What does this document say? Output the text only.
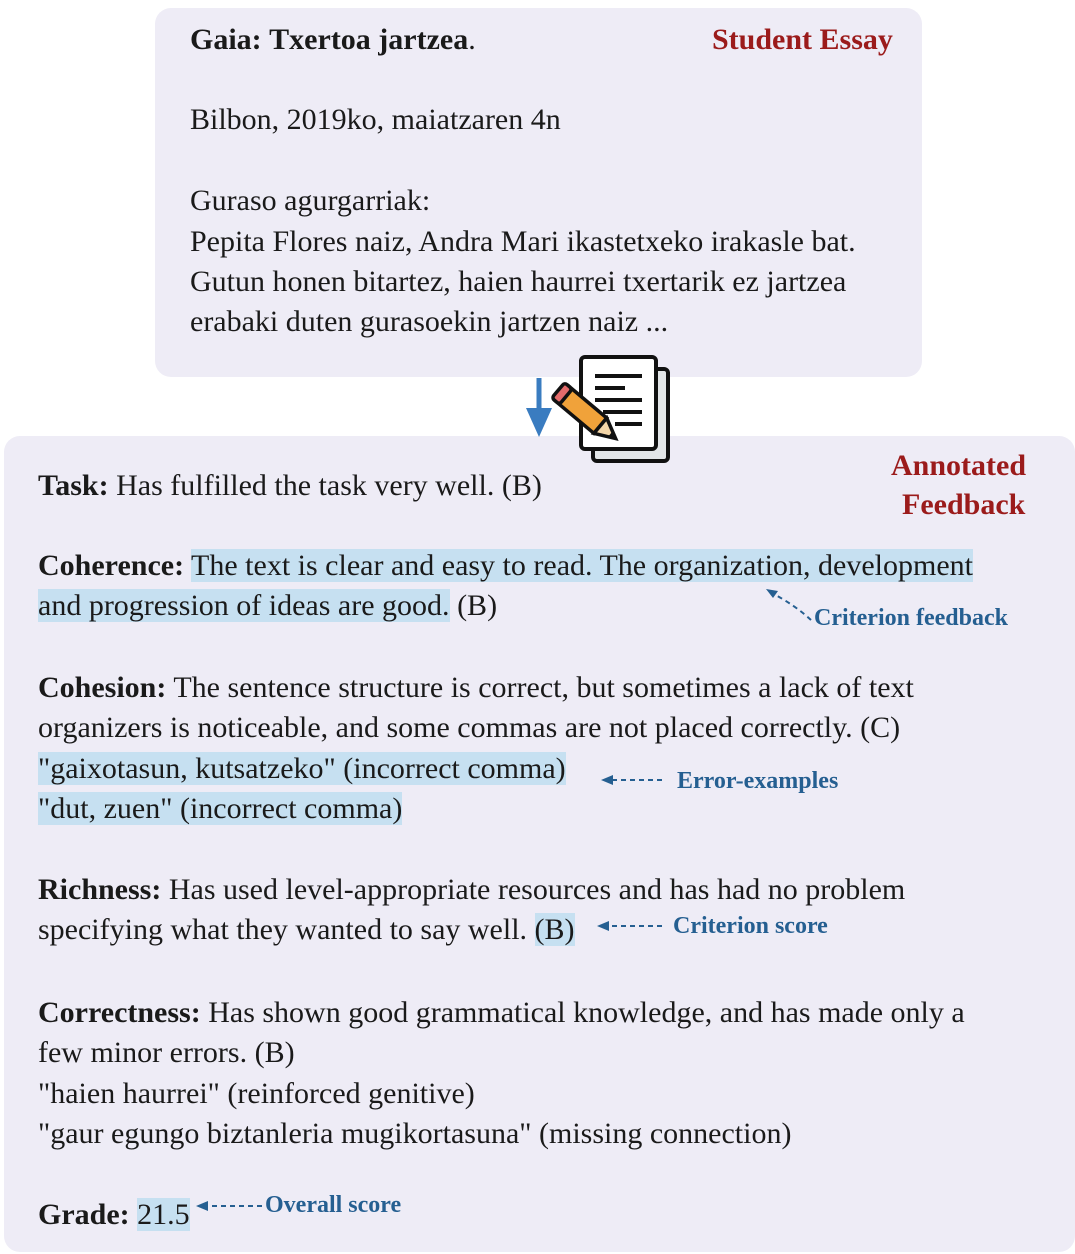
Gaia: Txertoa jartzea.	Student Essay
Bilbon, 2019ko, maiatzaren 4n
Guraso agurgarriak:
Pepita Flores naiz, Andra Mari ikastetxeko irakasle bat.
Gutun honen bitartez, haien haurrei txertarik ez jartzea
erabaki duten gurasoekin jartzen naiz ...
Annotated
Feedback
Task: Has fulfilled the task very well. (B)
Coherence: The text is clear and easy to read. The organization, development
and progression of ideas are good. (B)	Criterion feedback
Cohesion: The sentence structure is correct, but sometimes a lack of text
organizers is noticeable, and some commas are not placed correctly. (C)
"gaixotasun, kutsatzeko" (incorrect comma)
"dut, zuen" (incorrect comma)
Error-examples
Richness: Has used level-appropriate resources and has had no problem
specifying what they wanted to say well. (B)	Criterion score
Correctness: Has shown good grammatical knowledge, and has made only a
few minor errors. (B)
"haien haurrei" (reinforced genitive)
"gaur egungo biztanleria mugikortasuna" (missing connection)
Grade: 21.5	Overall score
